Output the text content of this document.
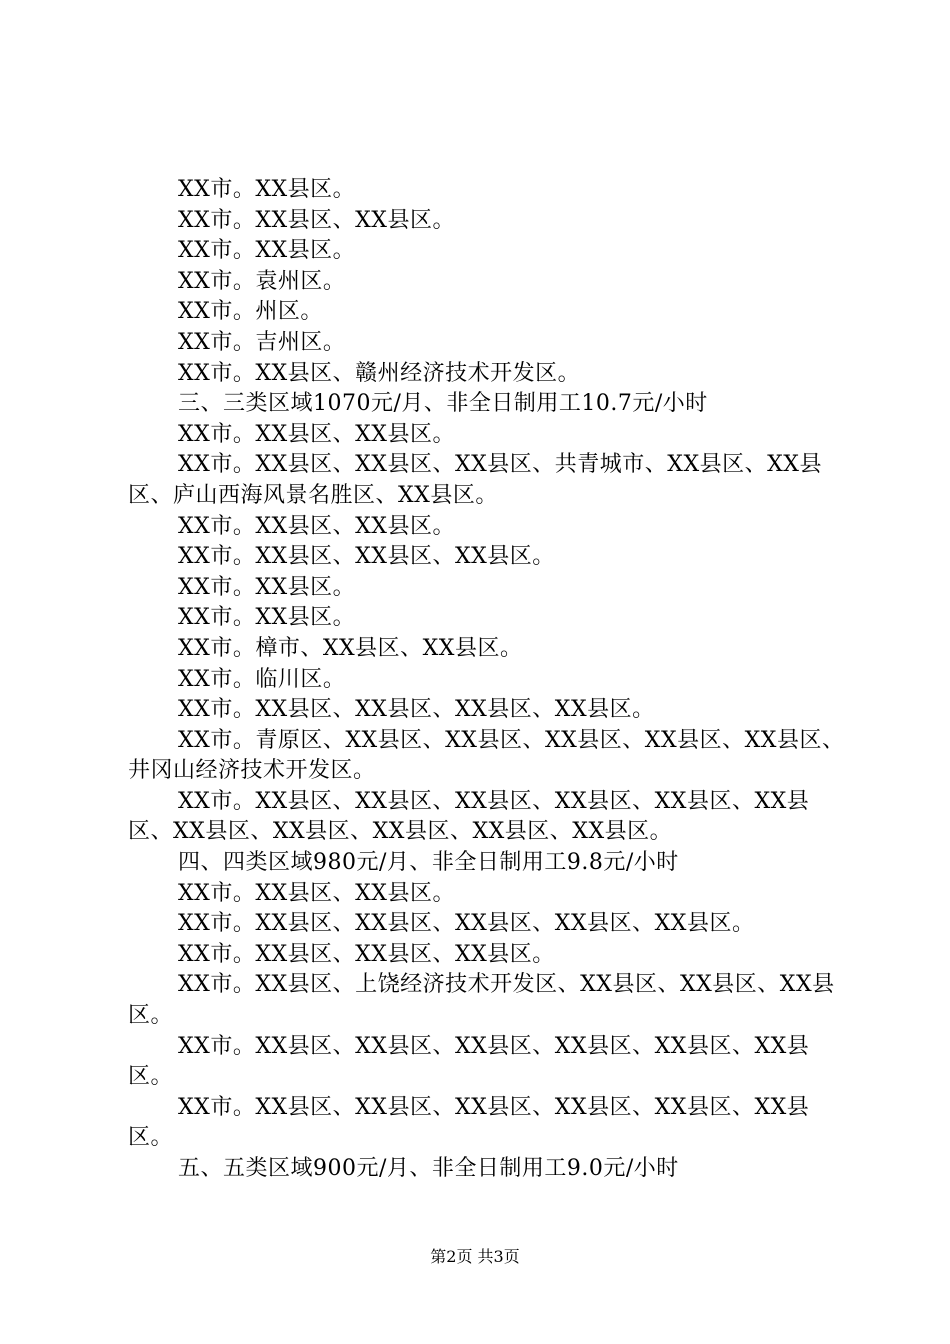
XX市。XX县区。

XX市。XX县区、XX县区。

XX市。XX县区。

XX市。袁州区。

XX市。州区。

XX市。吉州区。

XX市。XX县区、赣州经济技术开发区。

三、三类区域1070元/月、非全日制用工10.7元/小时

XX市。XX县区、XX县区。

XX市。XX县区、XX县区、XX县区、共青城市、XX县区、XX县区、庐山西海风景名胜区、XX县区。

XX市。XX县区、XX县区。

XX市。XX县区、XX县区、XX县区。

XX市。XX县区。

XX市。XX县区。

XX市。樟市、XX县区、XX县区。

XX市。临川区。

XX市。XX县区、XX县区、XX县区、XX县区。

XX市。青原区、XX县区、XX县区、XX县区、XX县区、XX县区、井冈山经济技术开发区。

XX市。XX县区、XX县区、XX县区、XX县区、XX县区、XX县区、XX县区、XX县区、XX县区、XX县区、XX县区。

四、四类区域980元/月、非全日制用工9.8元/小时

XX市。XX县区、XX县区。

XX市。XX县区、XX县区、XX县区、XX县区、XX县区。

XX市。XX县区、XX县区、XX县区。

XX市。XX县区、上饶经济技术开发区、XX县区、XX县区、XX县区。

XX市。XX县区、XX县区、XX县区、XX县区、XX县区、XX县区。

XX市。XX县区、XX县区、XX县区、XX县区、XX县区、XX县区。

五、五类区域900元/月、非全日制用工9.0元/小时

第2页 共3页
